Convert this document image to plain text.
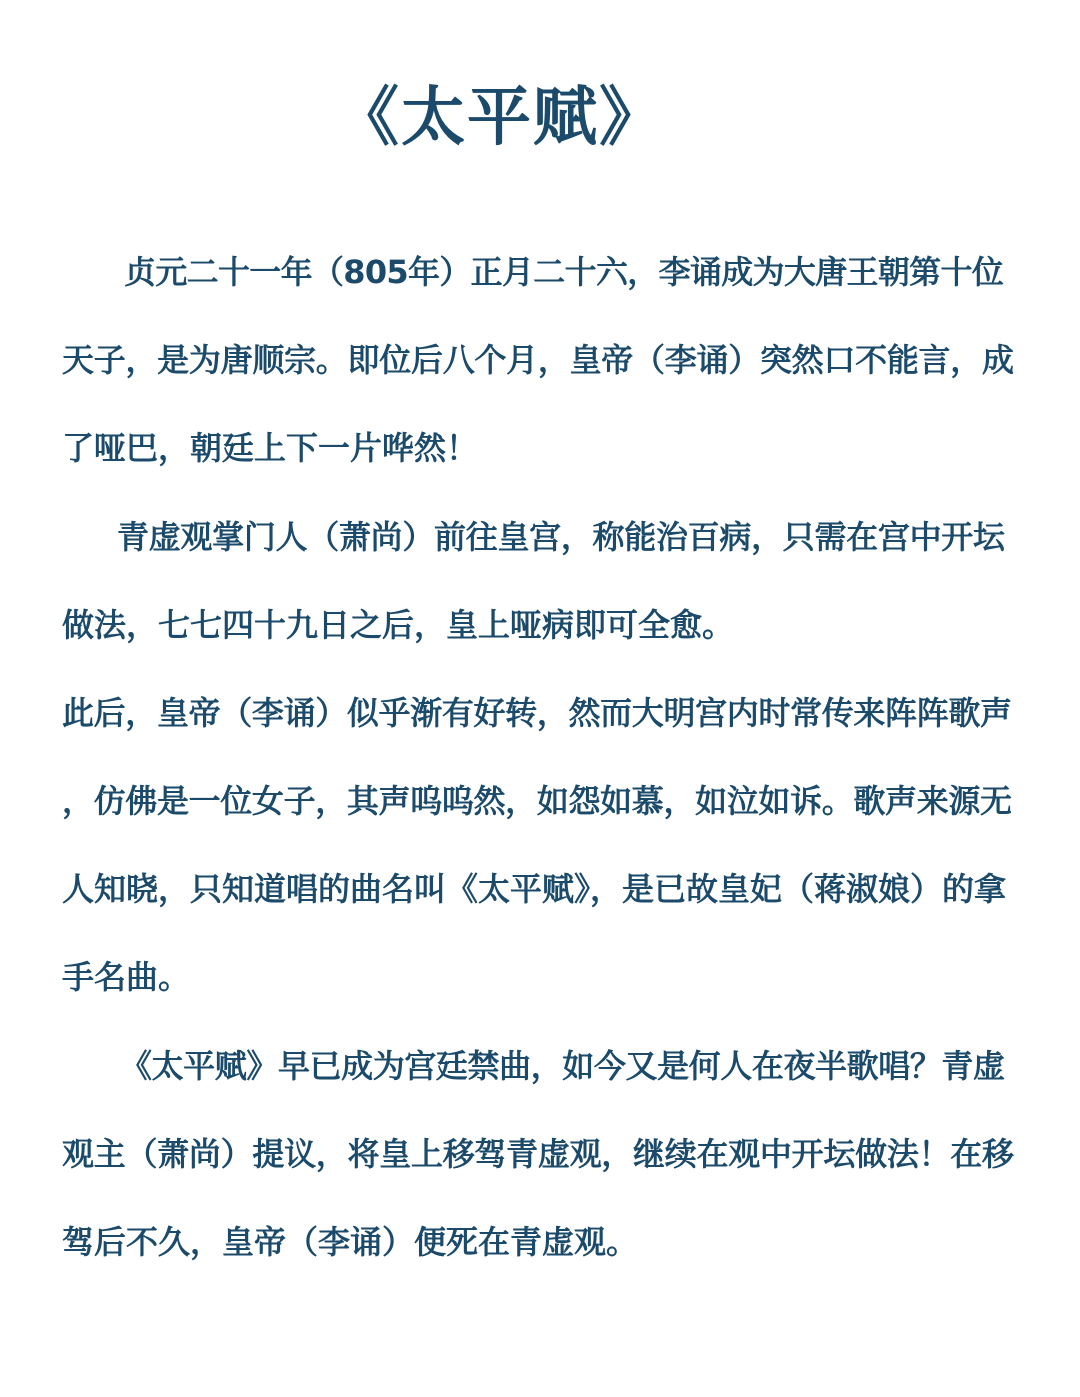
《太平赋》
贞元二十一年（805年）正月二十六，李诵成为大唐王朝第十位
天子，是为唐顺宗。即位后八个月，皇帝（李诵）突然口不能言，成
了哑巴，朝廷上下一片哗然！
青虚观掌门人（萧尚）前往皇宫，称能治百病，只需在宫中开坛
做法，七七四十九日之后，皇上哑病即可全愈。
此后，皇帝（李诵）似乎渐有好转，然而大明宫内时常传来阵阵歌声
，仿佛是一位女子，其声呜呜然，如怨如慕，如泣如诉。歌声来源无
人知晓，只知道唱的曲名叫《太平赋》，是已故皇妃（蒋淑娘）的拿
手名曲。
《太平赋》早已成为宫廷禁曲，如今又是何人在夜半歌唱？青虚
观主（萧尚）提议，将皇上移驾青虚观，继续在观中开坛做法！在移
驾后不久，皇帝（李诵）便死在青虚观。
